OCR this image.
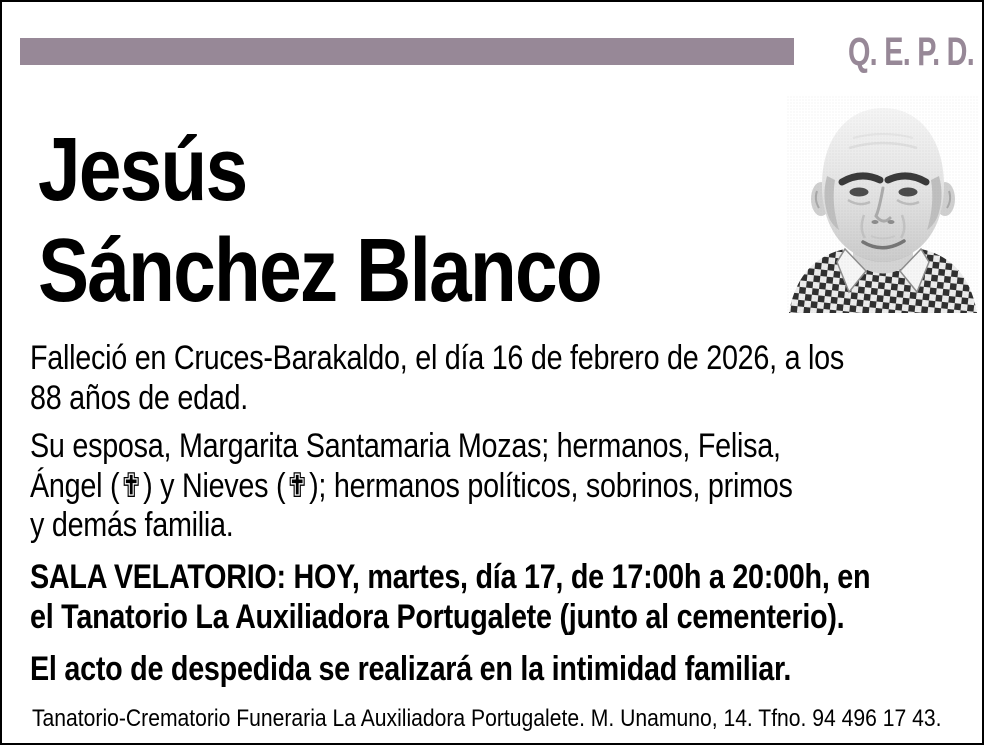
Q. E. P. D.
Jesús
Sánchez Blanco
Falleció en Cruces-Barakaldo, el día 16 de febrero de 2026, a los
88 años de edad.
Su esposa, Margarita Santamaria Mozas; hermanos, Felisa,
Ángel (✟) y Nieves (✟); hermanos políticos, sobrinos, primos
y demás familia.
SALA VELATORIO: HOY, martes, día 17, de 17:00h a 20:00h, en
el Tanatorio La Auxiliadora Portugalete (junto al cementerio).
El acto de despedida se realizará en la intimidad familiar.
Tanatorio-Crematorio Funeraria La Auxiliadora Portugalete. M. Unamuno, 14. Tfno. 94 496 17 43.
